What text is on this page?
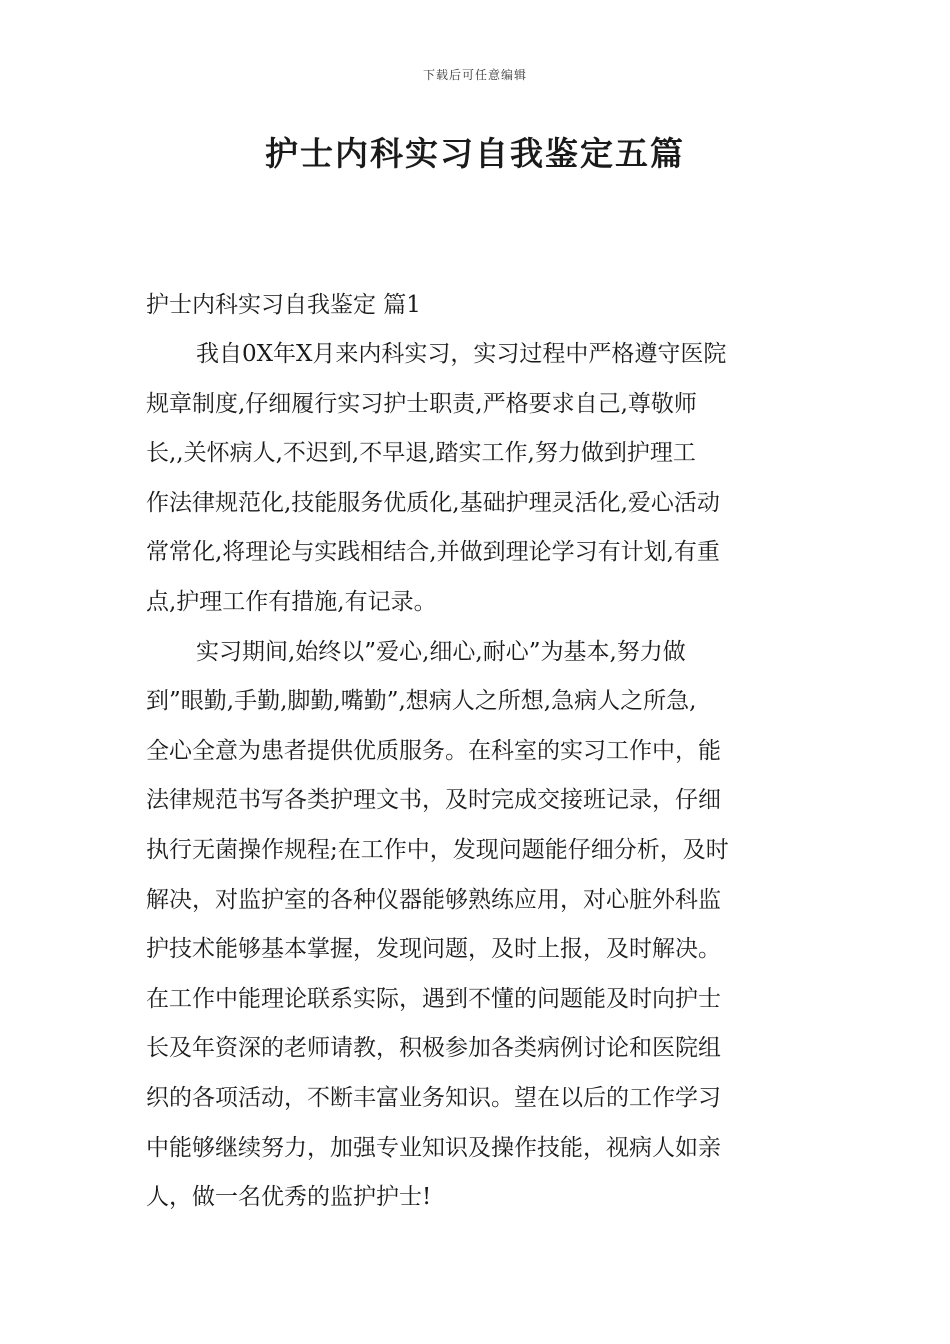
下载后可任意编辑
护士内科实习自我鉴定五篇

护士内科实习自我鉴定 篇1

我自0X年X月来内科实习，实习过程中严格遵守医院

规章制度,仔细履行实习护士职责,严格要求自己,尊敬师

长,,关怀病人,不迟到,不早退,踏实工作,努力做到护理工

作法律规范化,技能服务优质化,基础护理灵活化,爱心活动

常常化,将理论与实践相结合,并做到理论学习有计划,有重

点,护理工作有措施,有记录。

实习期间,始终以”爱心,细心,耐心”为基本,努力做

到”眼勤,手勤,脚勤,嘴勤”,想病人之所想,急病人之所急,

全心全意为患者提供优质服务。在科室的实习工作中，能

法律规范书写各类护理文书，及时完成交接班记录，仔细

执行无菌操作规程;在工作中，发现问题能仔细分析，及时

解决，对监护室的各种仪器能够熟练应用，对心脏外科监

护技术能够基本掌握，发现问题，及时上报，及时解决。

在工作中能理论联系实际，遇到不懂的问题能及时向护士

长及年资深的老师请教，积极参加各类病例讨论和医院组

织的各项活动，不断丰富业务知识。望在以后的工作学习

中能够继续努力，加强专业知识及操作技能，视病人如亲

人，做一名优秀的监护护士!
